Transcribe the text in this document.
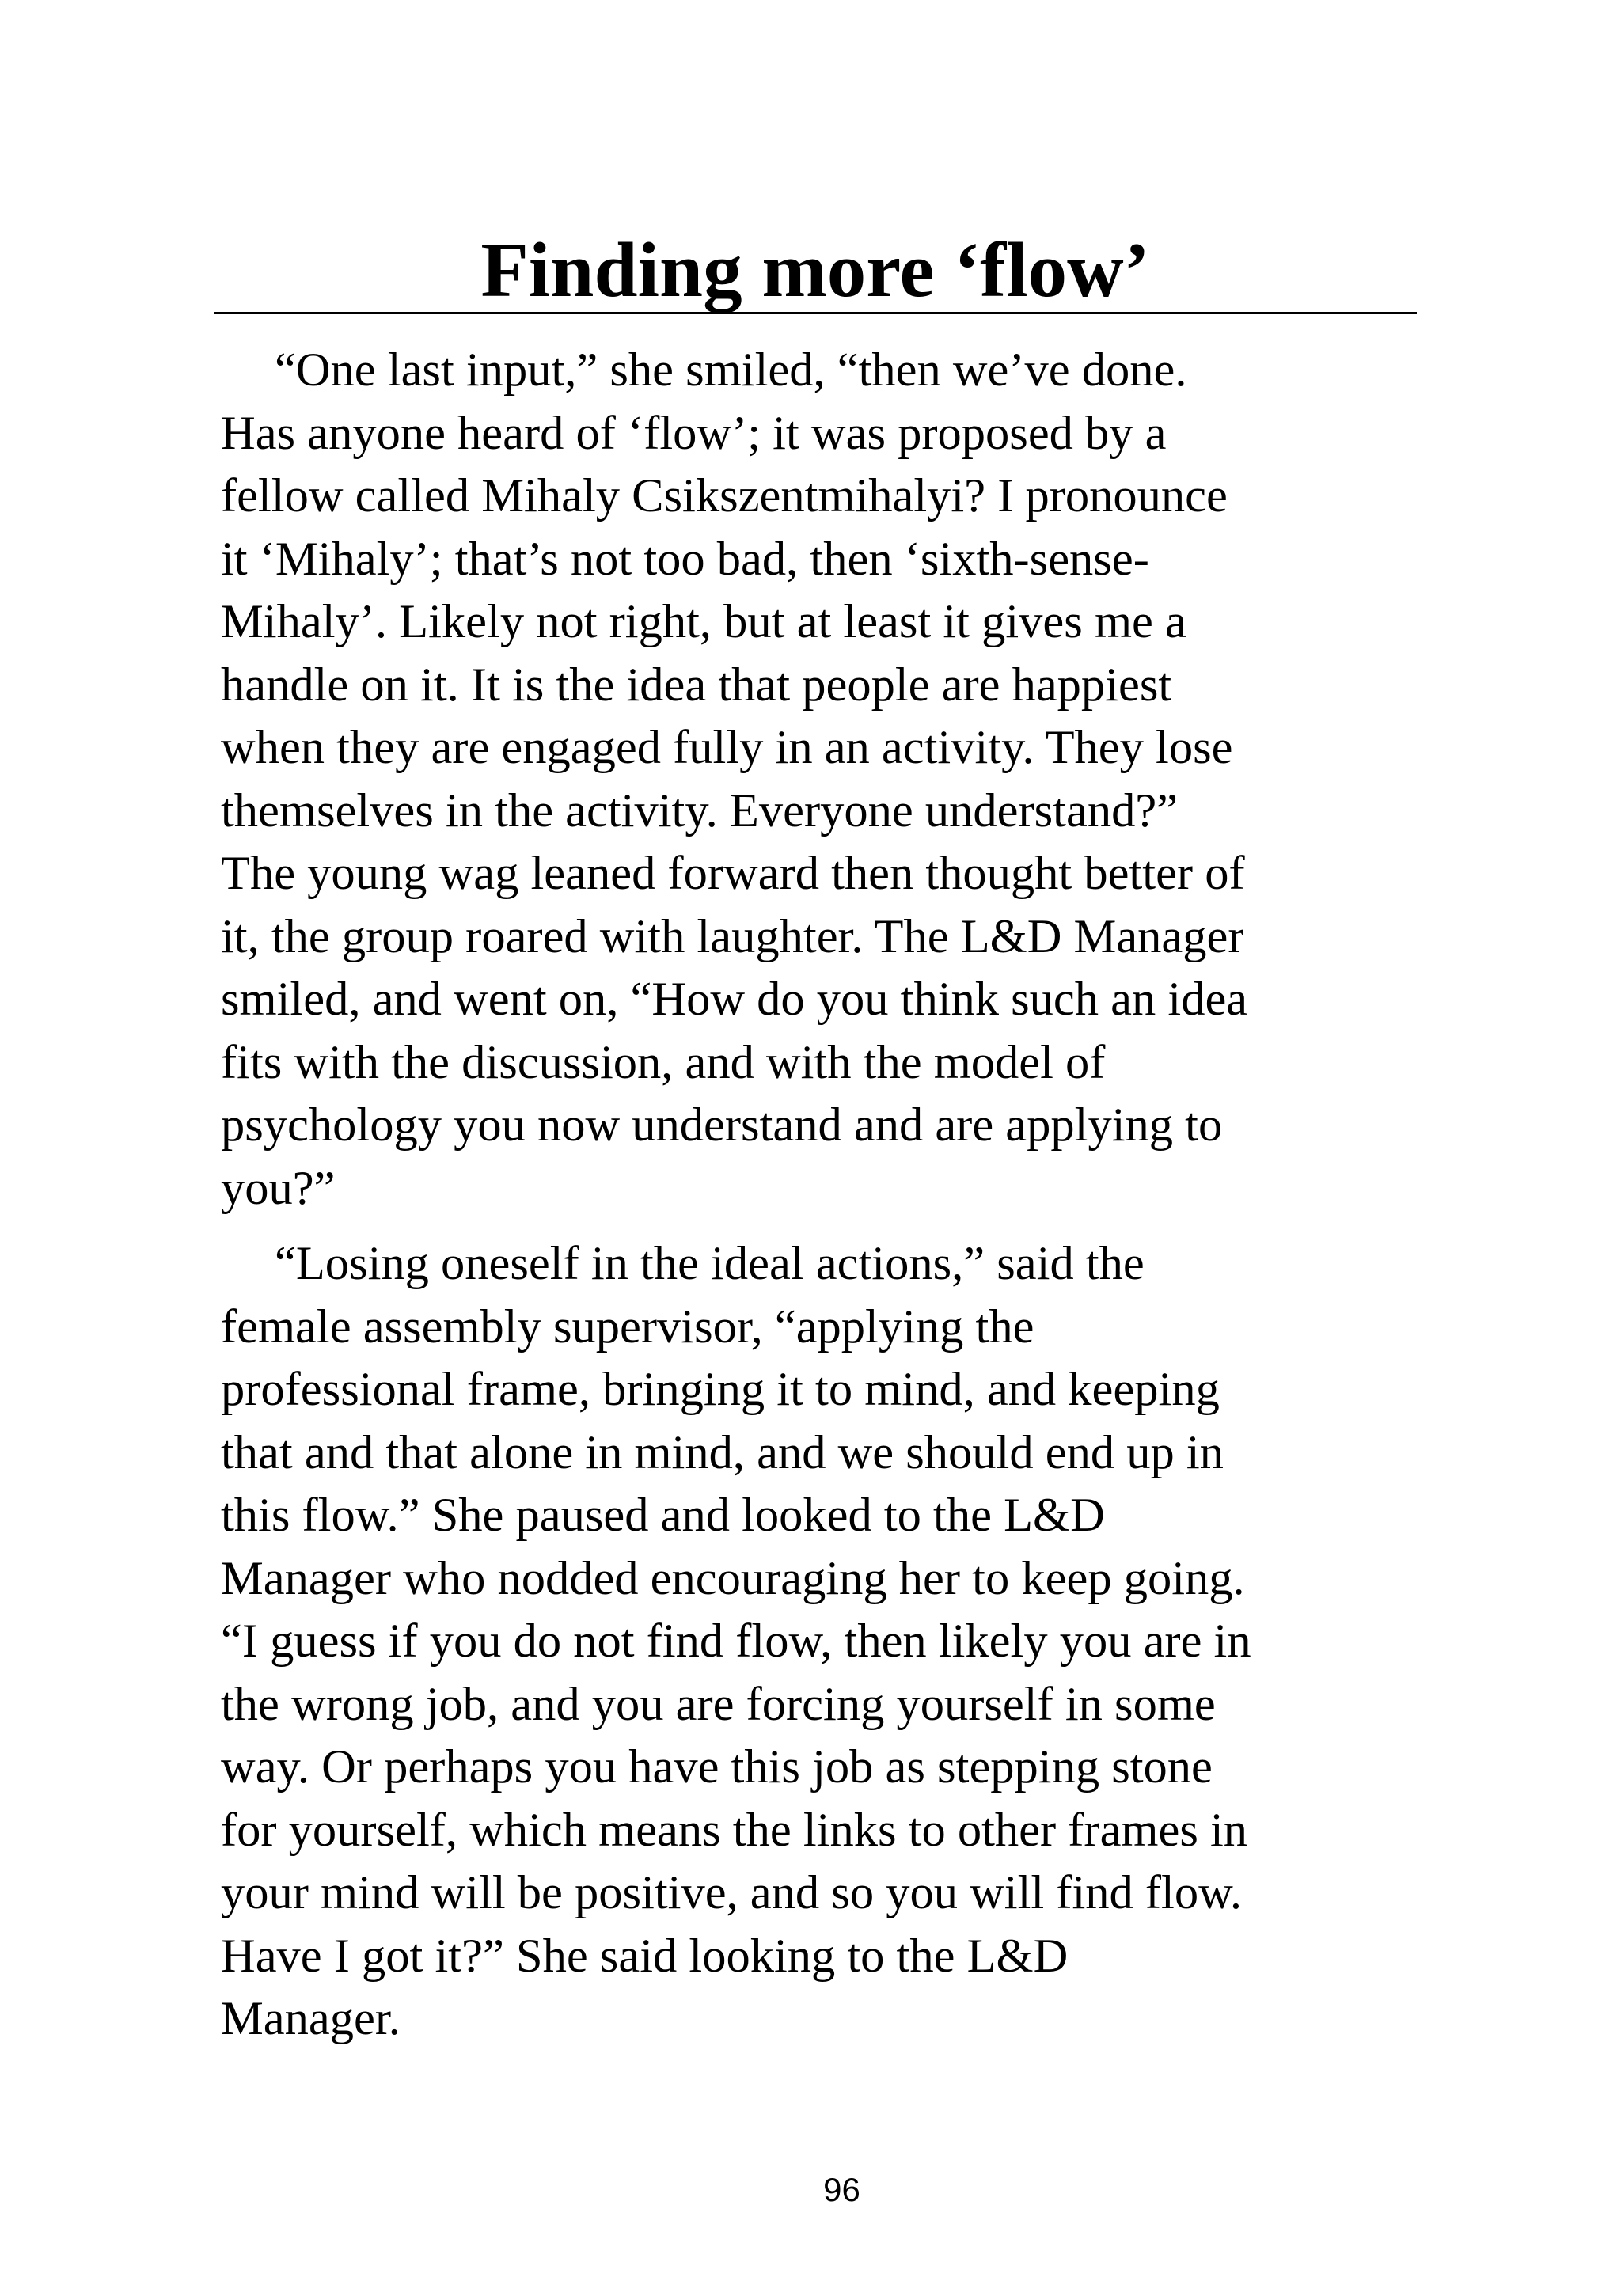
Finding more ‘flow’

“One last input,” she smiled, “then we’ve done.
Has anyone heard of ‘flow’; it was proposed by a
fellow called Mihaly Csikszentmihalyi? I pronounce
it ‘Mihaly’; that’s not too bad, then ‘sixth-sense-
Mihaly’. Likely not right, but at least it gives me a
handle on it. It is the idea that people are happiest
when they are engaged fully in an activity. They lose
themselves in the activity. Everyone understand?”
The young wag leaned forward then thought better of
it, the group roared with laughter. The L&D Manager
smiled, and went on, “How do you think such an idea
fits with the discussion, and with the model of
psychology you now understand and are applying to
you?”

“Losing oneself in the ideal actions,” said the
female assembly supervisor, “applying the
professional frame, bringing it to mind, and keeping
that and that alone in mind, and we should end up in
this flow.” She paused and looked to the L&D
Manager who nodded encouraging her to keep going.
“I guess if you do not find flow, then likely you are in
the wrong job, and you are forcing yourself in some
way. Or perhaps you have this job as stepping stone
for yourself, which means the links to other frames in
your mind will be positive, and so you will find flow.
Have I got it?” She said looking to the L&D
Manager.

96
